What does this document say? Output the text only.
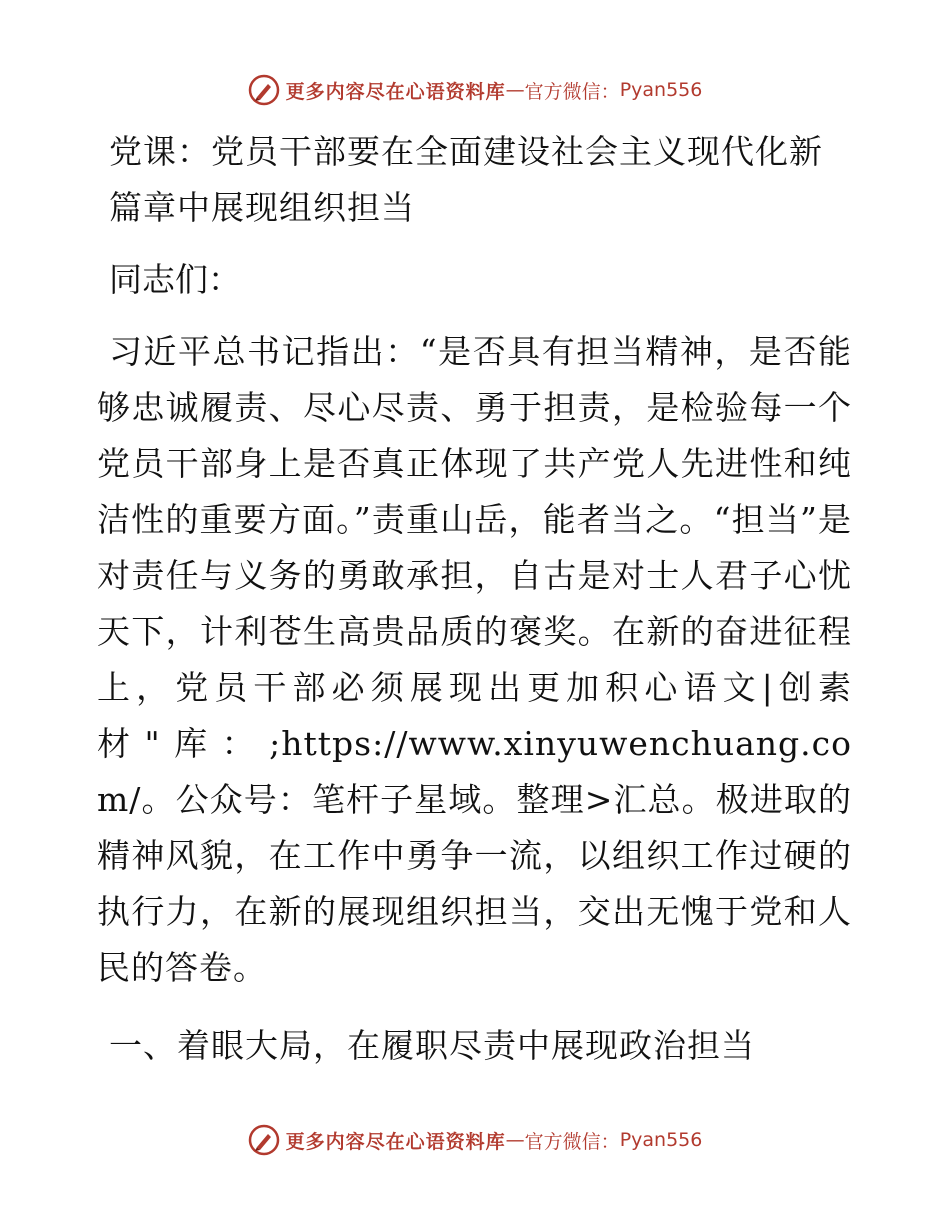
更多内容尽在心语资料库 — 官方微信： Pyan556

党课：党员干部要在全面建设社会主义现代化新篇章中展现组织担当

同志们：

习近平总书记指出：“是否具有担当精神，是否能够忠诚履责、尽心尽责、勇于担责，是检验每一个党员干部身上是否真正体现了共产党人先进性和纯洁性的重要方面。”责重山岳，能者当之。“担当”是对责任与义务的勇敢承担，自古是对士人君子心忧天下，计利苍生高贵品质的褒奖。在新的奋进征程上，党员干部必须展现出更加积心语文|创素材"库：;https://www.xinyuwenchuang.com/。公众号：笔杆子星域。整理>汇总。极进取的精神风貌，在工作中勇争一流，以组织工作过硬的执行力，在新的展现组织担当，交出无愧于党和人民的答卷。

一、着眼大局，在履职尽责中展现政治担当

更多内容尽在心语资料库 — 官方微信： Pyan556
